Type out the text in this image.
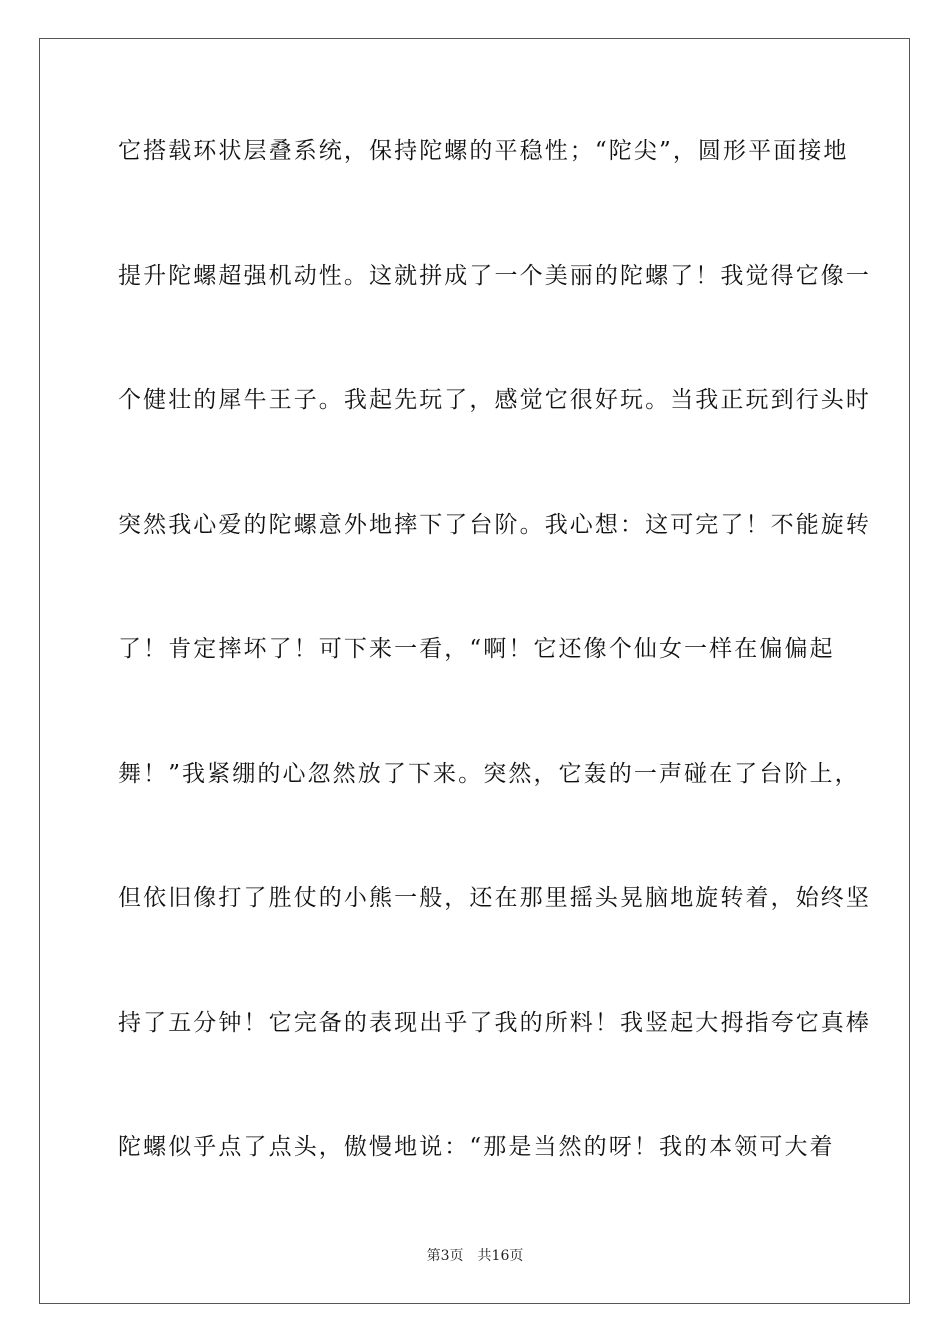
它搭载环状层叠系统，保持陀螺的平稳性；“陀尖”，圆形平面接地
提升陀螺超强机动性。这就拼成了一个美丽的陀螺了！我觉得它像一
个健壮的犀牛王子。我起先玩了，感觉它很好玩。当我正玩到行头时
突然我心爱的陀螺意外地摔下了台阶。我心想：这可完了！不能旋转
了！肯定摔坏了！可下来一看，“啊！它还像个仙女一样在偏偏起
舞！”我紧绷的心忽然放了下来。突然，它轰的一声碰在了台阶上，
但依旧像打了胜仗的小熊一般，还在那里摇头晃脑地旋转着，始终坚
持了五分钟！它完备的表现出乎了我的所料！我竖起大拇指夸它真棒
陀螺似乎点了点头，傲慢地说：“那是当然的呀！我的本领可大着
第3页 共16页
